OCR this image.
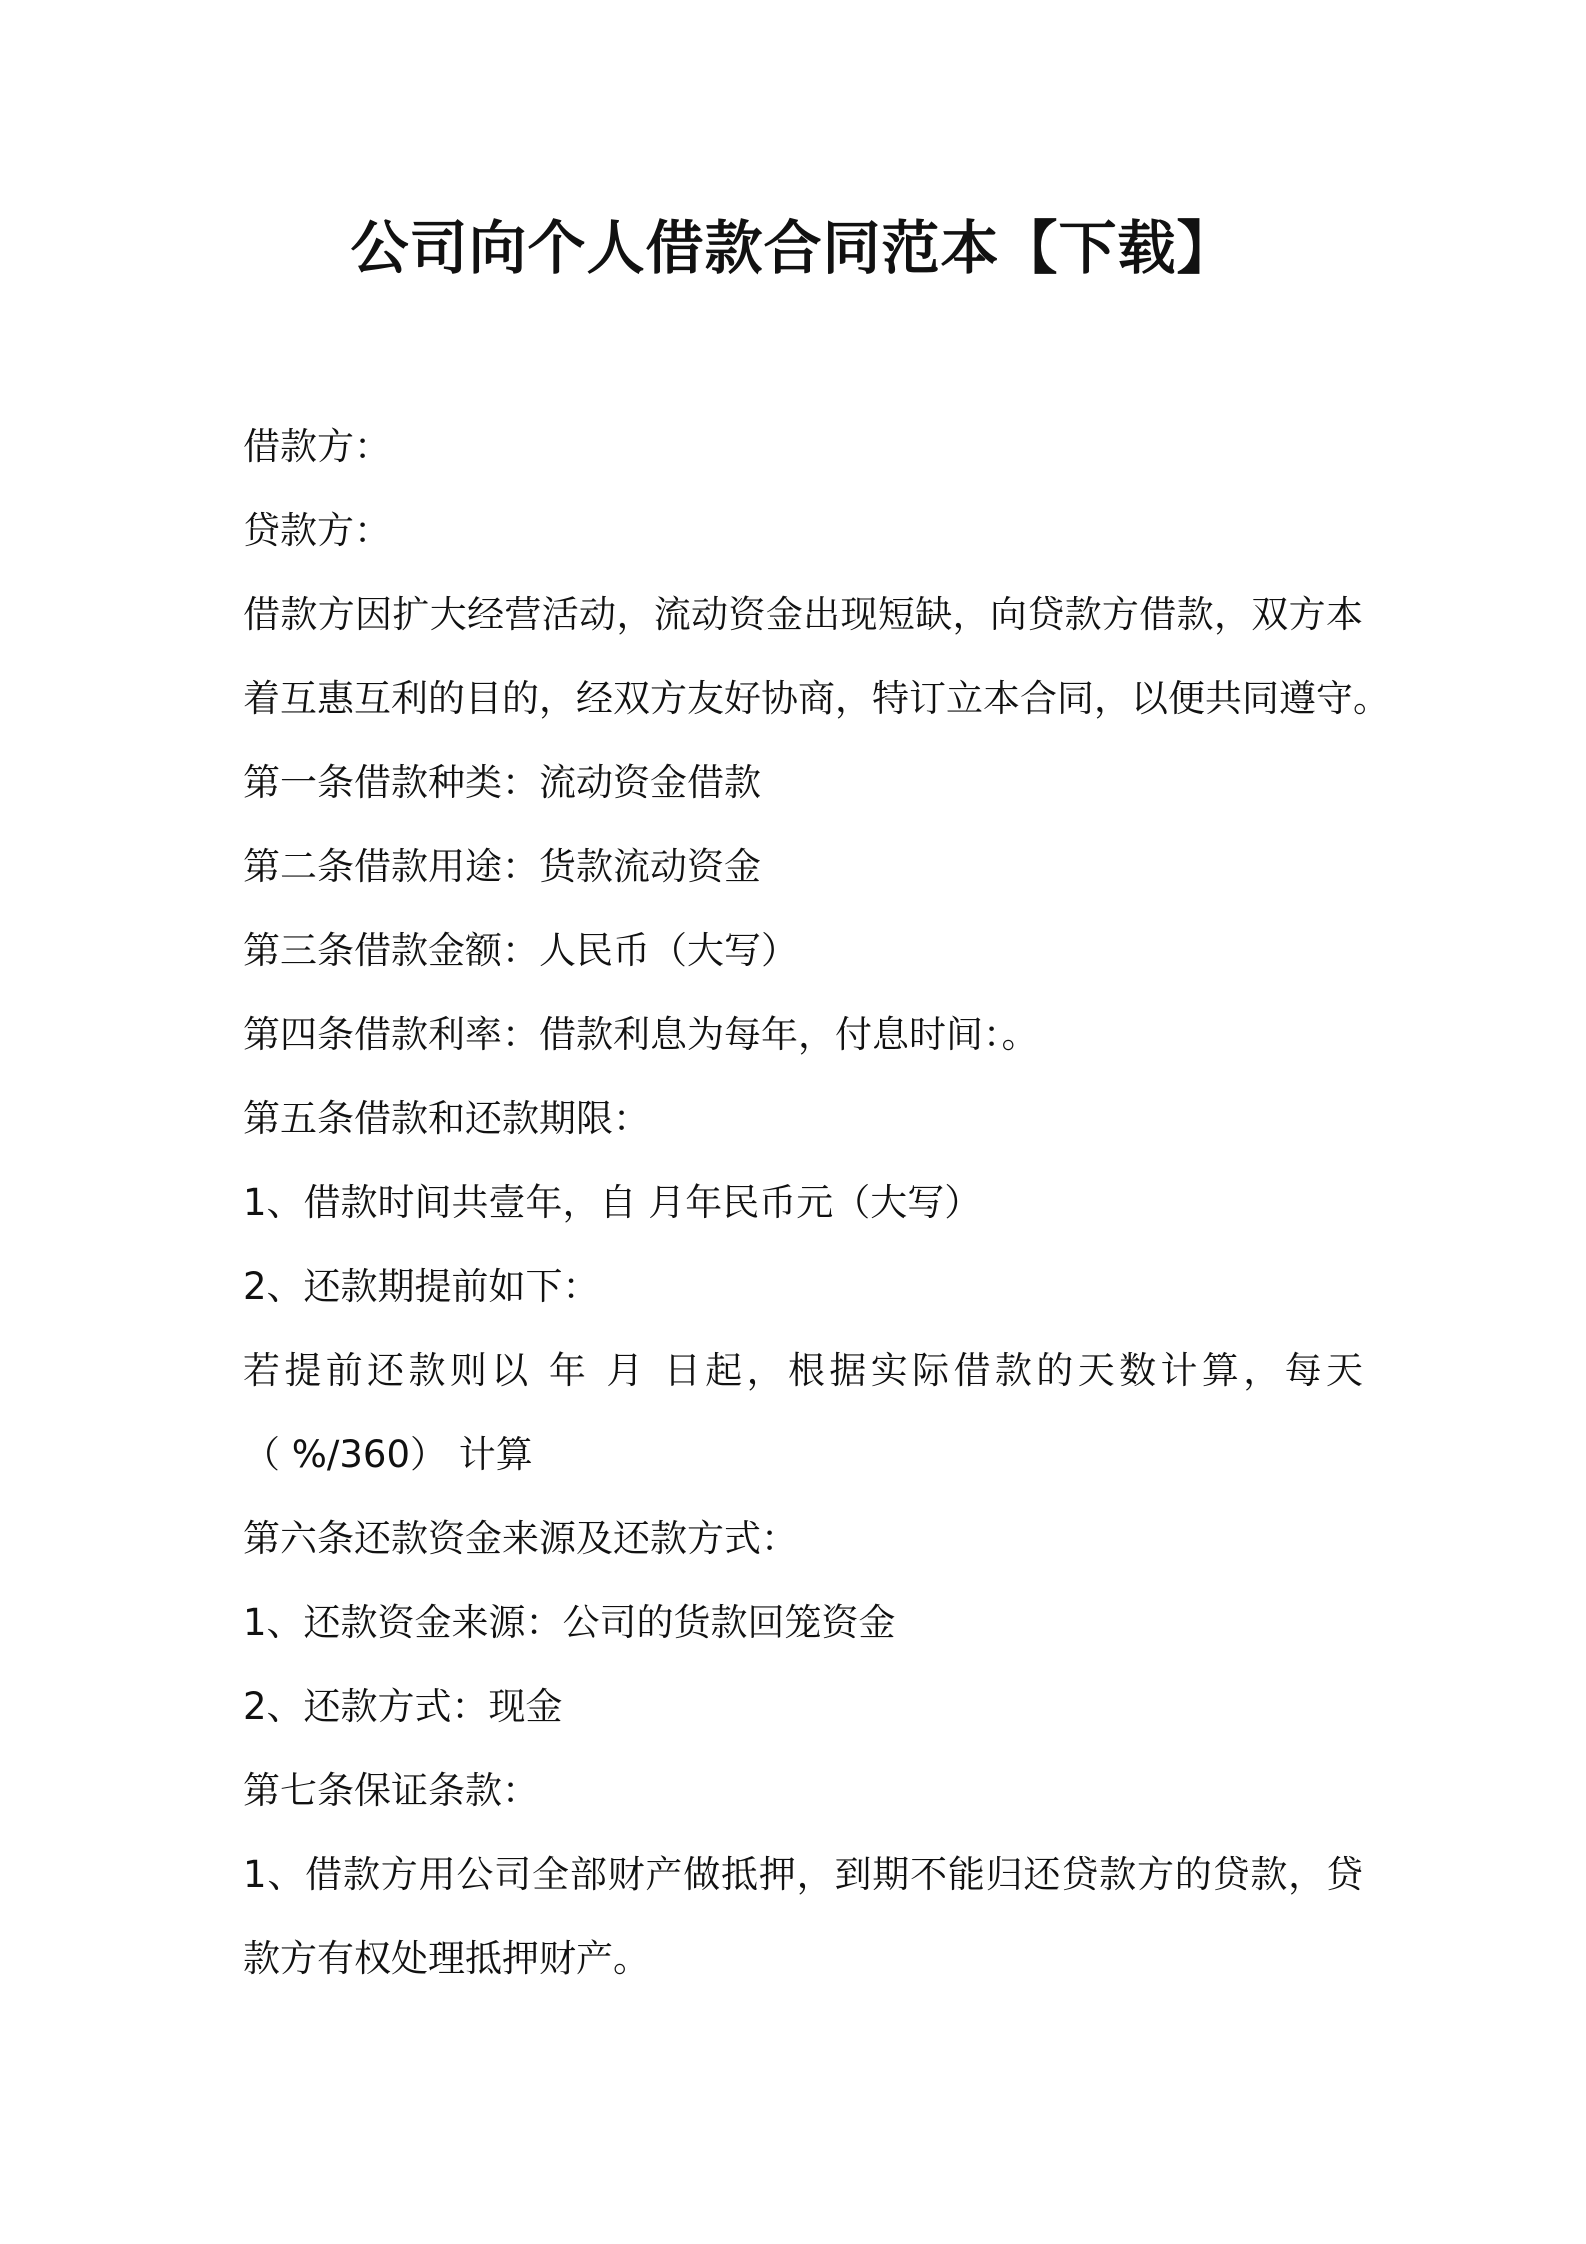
公司向个人借款合同范本【下载】

借款方：

贷款方：

借款方因扩大经营活动，流动资金出现短缺，向贷款方借款，双方本

着互惠互利的目的，经双方友好协商，特订立本合同，以便共同遵守。

第一条借款种类：流动资金借款

第二条借款用途：货款流动资金

第三条借款金额：人民币（大写）

第四条借款利率：借款利息为每年，付息时间：。

第五条借款和还款期限：

1、借款时间共壹年，自 月年民币元（大写）

2、还款期提前如下：

若提前还款则以 年 月 日起，根据实际借款的天数计算，每天

（ %/360） 计算

第六条还款资金来源及还款方式：

1、还款资金来源：公司的货款回笼资金

2、还款方式：现金

第七条保证条款：

1、借款方用公司全部财产做抵押，到期不能归还贷款方的贷款，贷

款方有权处理抵押财产。
